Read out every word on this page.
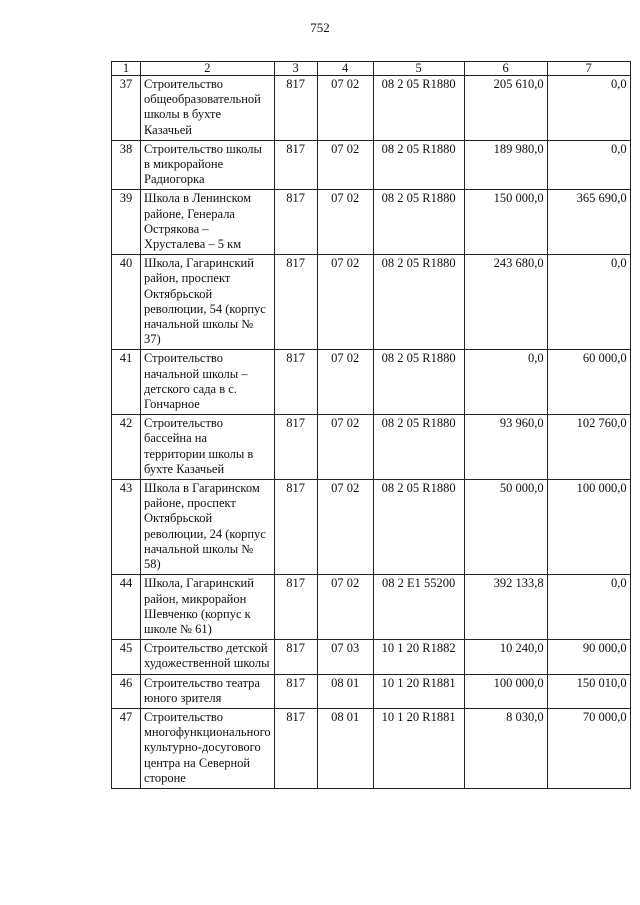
752
1	2	3	4	5	6	7
37	Строительство общеобразовательной школы в бухте Казачьей	817	07 02	08 2 05 R1880	205 610,0	0,0
38	Строительство школы в микрорайоне Радиогорка	817	07 02	08 2 05 R1880	189 980,0	0,0
39	Школа в Ленинском районе, Генерала Острякова – Хрусталева – 5 км	817	07 02	08 2 05 R1880	150 000,0	365 690,0
40	Школа, Гагаринский район, проспект Октябрьской революции, 54 (корпус начальной школы № 37)	817	07 02	08 2 05 R1880	243 680,0	0,0
41	Строительство начальной школы – детского сада в с. Гончарное	817	07 02	08 2 05 R1880	0,0	60 000,0
42	Строительство бассейна на территории школы в бухте Казачьей	817	07 02	08 2 05 R1880	93 960,0	102 760,0
43	Школа в Гагаринском районе, проспект Октябрьской революции, 24 (корпус начальной школы № 58)	817	07 02	08 2 05 R1880	50 000,0	100 000,0
44	Школа, Гагаринский район, микрорайон Шевченко (корпус к школе № 61)	817	07 02	08 2 E1 55200	392 133,8	0,0
45	Строительство детской художественной школы	817	07 03	10 1 20 R1882	10 240,0	90 000,0
46	Строительство театра юного зрителя	817	08 01	10 1 20 R1881	100 000,0	150 010,0
47	Строительство многофункционального культурно-досугового центра на Северной стороне	817	08 01	10 1 20 R1881	8 030,0	70 000,0
